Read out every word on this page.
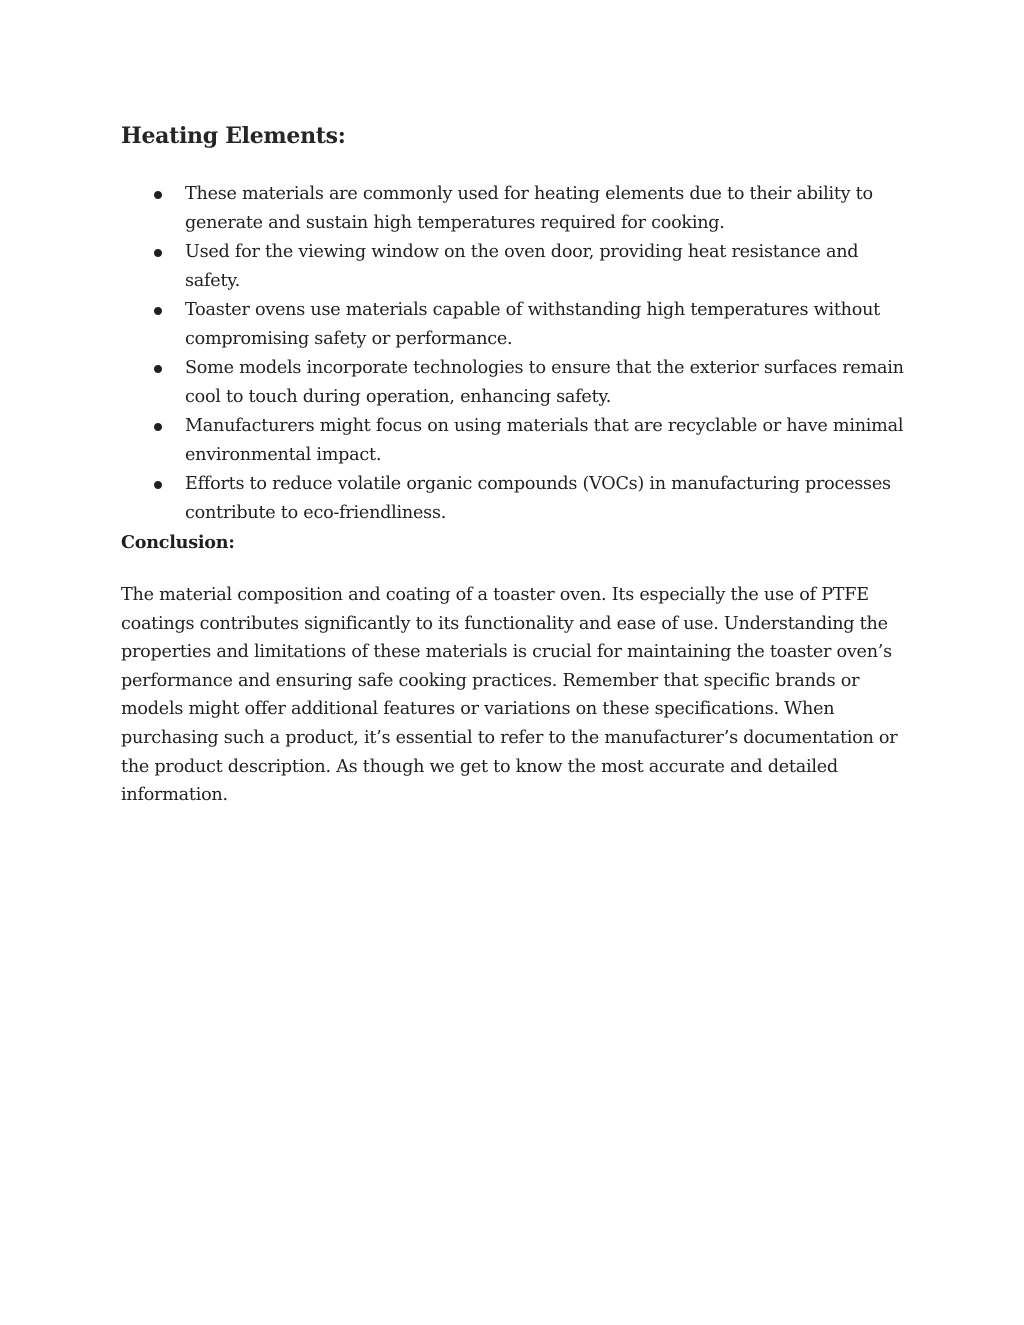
Heating Elements:
These materials are commonly used for heating elements due to their ability to generate and sustain high temperatures required for cooking.
Used for the viewing window on the oven door, providing heat resistance and safety.
Toaster ovens use materials capable of withstanding high temperatures without compromising safety or performance.
Some models incorporate technologies to ensure that the exterior surfaces remain cool to touch during operation, enhancing safety.
Manufacturers might focus on using materials that are recyclable or have minimal environmental impact.
Efforts to reduce volatile organic compounds (VOCs) in manufacturing processes contribute to eco-friendliness.

Conclusion:

The material composition and coating of a toaster oven. Its especially the use of PTFE coatings contributes significantly to its functionality and ease of use. Understanding the properties and limitations of these materials is crucial for maintaining the toaster oven’s performance and ensuring safe cooking practices. Remember that specific brands or models might offer additional features or variations on these specifications. When purchasing such a product, it’s essential to refer to the manufacturer’s documentation or the product description. As though we get to know the most accurate and detailed information.
